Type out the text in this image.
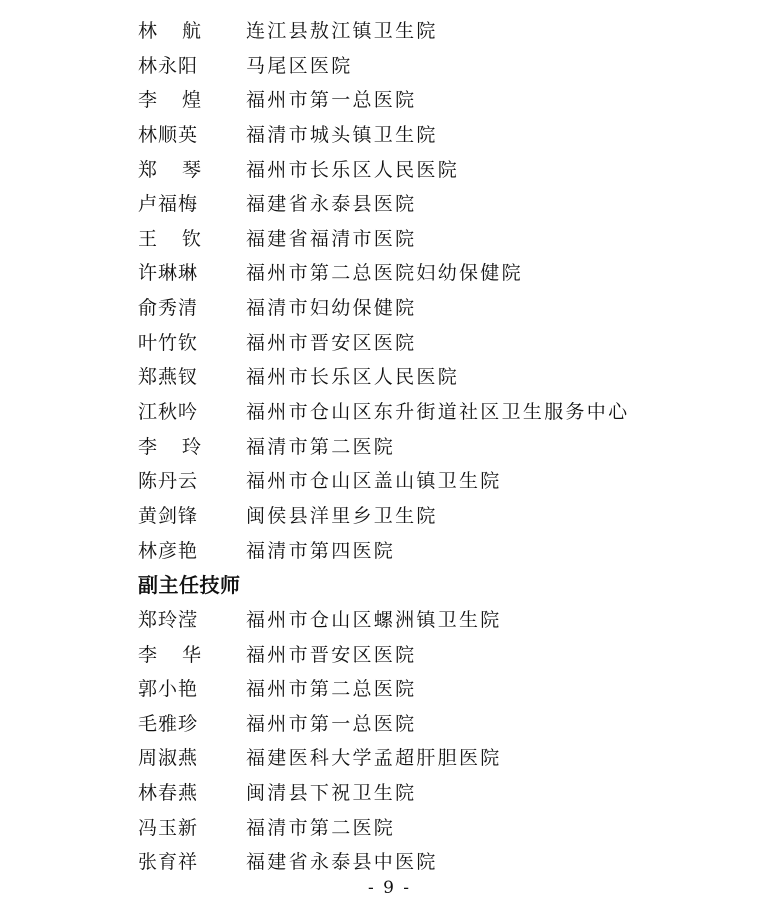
林 航 连江县敖江镇卫生院
林永阳	马尾区医院
李 煌 福州市第一总医院
林顺英	福清市城头镇卫生院
郑 琴 福州市长乐区人民医院
卢福梅	福建省永泰县医院
王 钦 福建省福清市医院
许琳琳	福州市第二总医院妇幼保健院
俞秀清	福清市妇幼保健院
叶竹钦	福州市晋安区医院
郑燕钗	福州市长乐区人民医院
江秋吟	福州市仓山区东升街道社区卫生服务中心
李 玲 福清市第二医院
陈丹云	福州市仓山区盖山镇卫生院
黄剑锋	闽侯县洋里乡卫生院
林彦艳	福清市第四医院
副主任技师
郑玲滢	福州市仓山区螺洲镇卫生院
李 华 福州市晋安区医院
郭小艳	福州市第二总医院
毛雅珍	福州市第一总医院
周淑燕	福建医科大学孟超肝胆医院
林春燕	闽清县下祝卫生院
冯玉新	福清市第二医院
张育祥	福建省永泰县中医院
- 9 -
